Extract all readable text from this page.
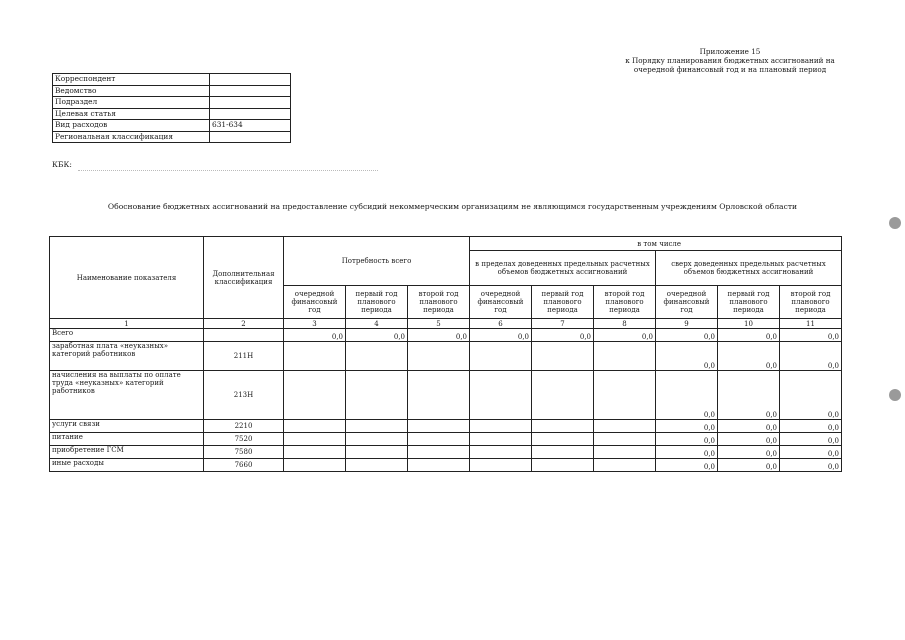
Приложение 15
к Порядку планирования бюджетных ассигнований на
очередной финансовый год и на плановый период
Корреспондент	
Ведомство	
Подраздел	
Целевая статья	
Вид расходов	631-634
Региональная классификация	
КБК:
Обоснование бюджетных ассигнований на предоставление субсидий некоммерческим организациям не являющимся государственным учреждениям Орловской области
Наименование показателя	Дополнительная классификация	Потребность всего			в том числе					
					в пределах доведенных предельных расчетных объемов бюджетных ассигнований			сверх доведенных предельных расчетных объемов бюджетных ассигнований		
		очередной финансовый год	первый год планового периода	второй год планового периода	очередной финансовый год	первый год планового периода	второй год планового периода	очередной финансовый год	первый год планового периода	второй год планового периода
1	2	3	4	5	6	7	8	9	10	11
Всего		0,0	0,0	0,0	0,0	0,0	0,0	0,0	0,0	0,0
заработная плата «неуказных» категорий работников	211Н							0,0	0,0	0,0
начисления на выплаты по оплате труда «неуказных» категорий работников	213Н							0,0	0,0	0,0
услуги связи	2210							0,0	0,0	0,0
питание	7520							0,0	0,0	0,0
приобретение ГСМ	7580							0,0	0,0	0,0
иные расходы	7660							0,0	0,0	0,0
